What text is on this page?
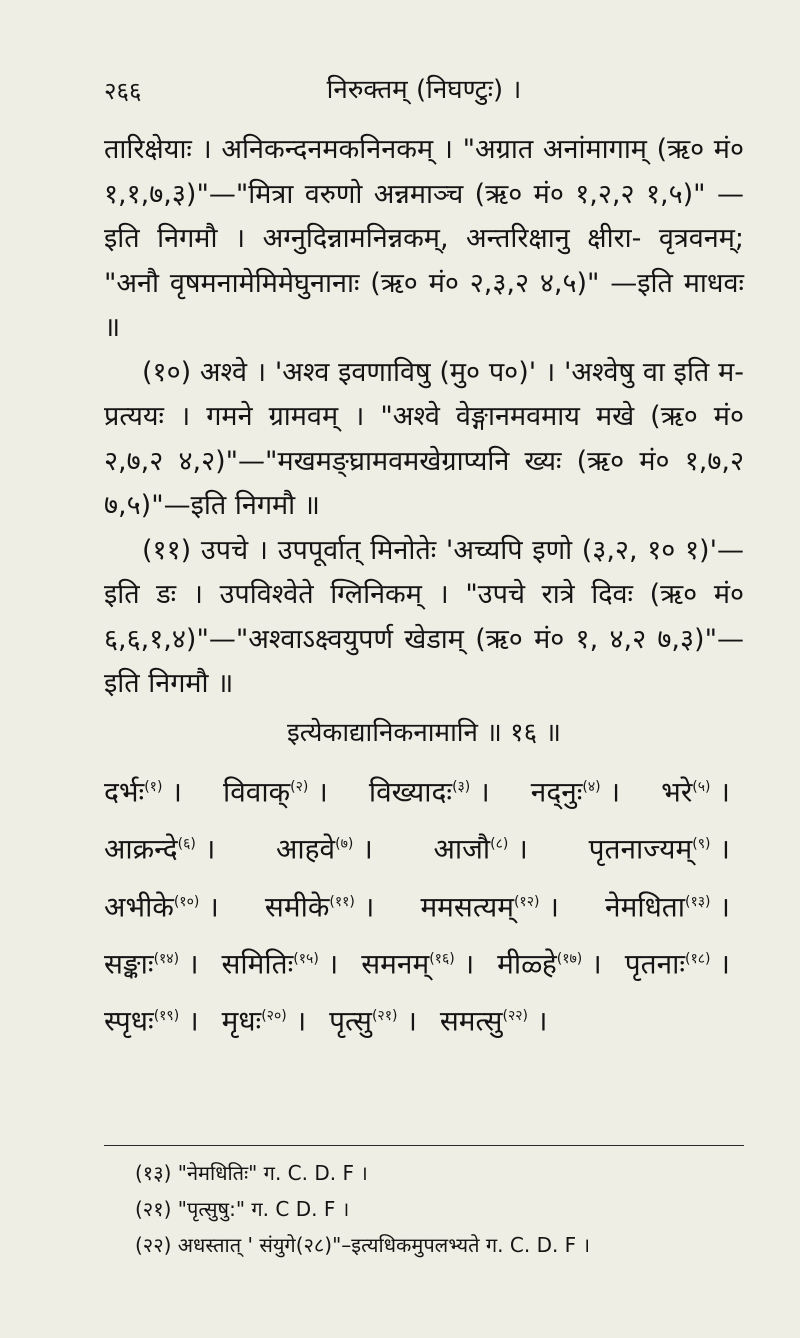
२६६	निरुक्तम् (निघण्टुः) ।

तारिक्षेयाः । अनिकन्दनमकनिनकम् । "अग्रात अनांमागाम् (ऋ० मं० १,१,७,३)"—"मित्रा वरुणो अन्नमाञ्च (ऋ० मं० १,२,२ १,५)" —इति निगमौ । अग्नुदिन्नामनिन्नकम्, अन्तरिक्षानु क्षीरा- वृत्रवनम्; "अनौ वृषमनामेमिमेघुनानाः (ऋ० मं० २,३,२ ४,५)" —इति माधवः ॥

(१०) अश्वे । 'अश्व इवणाविषु (मु० प०)' । 'अश्वेषु वा इति म-प्रत्ययः । गमने ग्रामवम् । "अश्वे वेङ्गानमवमाय मखे (ऋ० मं० २,७,२ ४,२)"—"मखमङ्घ्रामवमखेग्राप्यनि ख्यः (ऋ० मं० १,७,२ ७,५)"—इति निगमौ ॥

(११) उपचे । उपपूर्वात् मिनोतेः 'अच्यपि इणो (३,२, १० १)'—इति डः । उपविश्वेते ग्लिनिकम् । "उपचे रात्रे दिवः (ऋ० मं० ६,६,१,४)"—"अश्वाऽक्ष्वयुपर्ण खेडाम् (ऋ० मं० १, ४,२ ७,३)"—इति निगमौ ॥

इत्येकाद्यानिकनामानि ॥ १६ ॥

दर्भः$^{(१)}$ । विवाक्$^{(२)}$ । विख्यादः$^{(३)}$ । नद्नुः$^{(४)}$ । भरे$^{(५)}$ । आक्रन्दे$^{(६)}$ । आहवे$^{(७)}$ । आजौ$^{(८)}$ । पृतनाज्यम्$^{(९)}$ । अभीके$^{(१०)}$ । समीके$^{(११)}$ । ममसत्यम्$^{(१२)}$ । नेमधिता$^{(१३)}$ । सङ्काः$^{(१४)}$ । समितिः$^{(१५)}$ । समनम्$^{(१६)}$ । मीळ्हे$^{(१७)}$ । पृतनाः$^{(१८)}$ । स्पृधः$^{(१९)}$ । मृधः$^{(२०)}$ । पृत्सु$^{(२१)}$ । समत्सु$^{(२२)}$ ।

(१३) "नेमधितिः" ग. C. D. F ।

(२१) "पृत्सुषु:" ग. C D. F ।

(२२) अधस्तात् ' संयुगे(२८)"–इत्यधिकमुपलभ्यते ग. C. D. F ।
